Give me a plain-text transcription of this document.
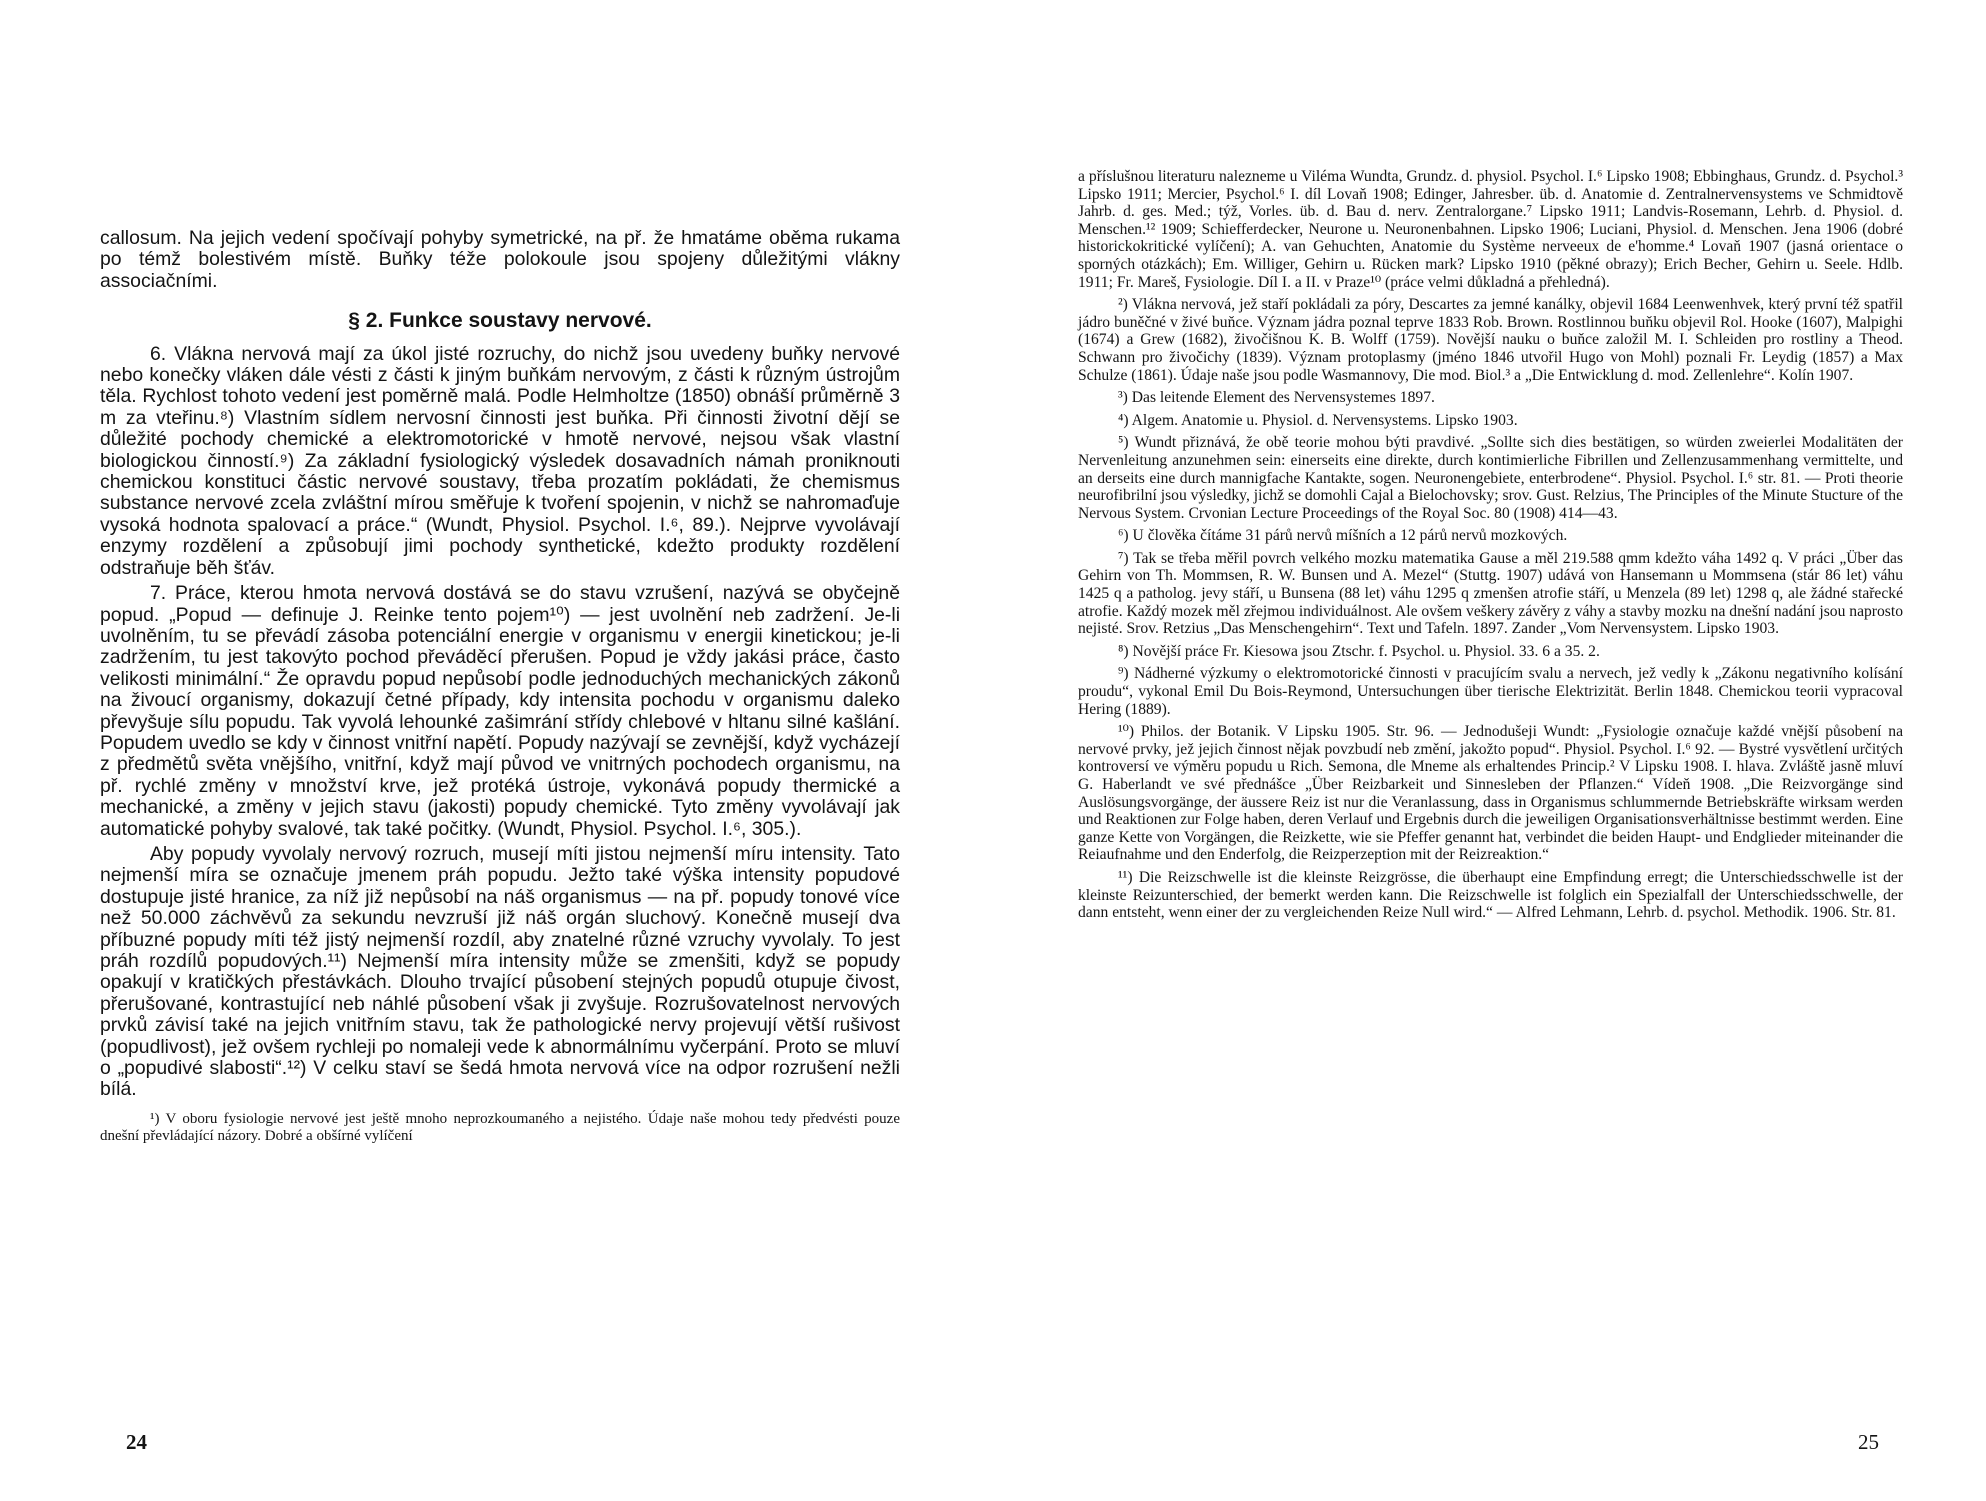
callosum. Na jejich vedení spočívají pohyby symetrické, na př. že hmatáme oběma rukama po témž bolestivém místě. Buňky téže polokoule jsou spojeny důležitými vlákny associačními.

§ 2. Funkce soustavy nervové.

6. Vlákna nervová mají za úkol jisté rozruchy, do nichž jsou uvedeny buňky nervové nebo konečky vláken dále vésti z části k jiným buňkám nervovým, z části k různým ústrojům těla. Rychlost tohoto vedení jest poměrně malá. Podle Helmholtze (1850) obnáší průměrně 3 m za vteřinu.⁸) Vlastním sídlem nervosní činnosti jest buňka. Při činnosti životní dějí se důležité pochody chemické a elektromotorické v hmotě nervové, nejsou však vlastní biologickou činností.⁹) Za základní fysiologický výsledek dosavadních námah proniknouti chemickou konstituci částic nervové soustavy, třeba prozatím pokládati, že chemismus substance nervové zcela zvláštní mírou směřuje k tvoření spojenin, v nichž se nahromaďuje vysoká hodnota spalovací a práce.“ (Wundt, Physiol. Psychol. I.⁶, 89.). Nejprve vyvolávají enzymy rozdělení a způsobují jimi pochody synthetické, kdežto produkty rozdělení odstraňuje běh šťáv.

7. Práce, kterou hmota nervová dostává se do stavu vzrušení, nazývá se obyčejně popud. „Popud — definuje J. Reinke tento pojem¹⁰) — jest uvolnění neb zadržení. Je-li uvolněním, tu se převádí zásoba potenciální energie v organismu v energii kinetickou; je-li zadržením, tu jest takovýto pochod převáděcí přerušen. Popud je vždy jakási práce, často velikosti minimální.“ Že opravdu popud nepůsobí podle jednoduchých mechanických zákonů na živoucí organismy, dokazují četné případy, kdy intensita pochodu v organismu daleko převyšuje sílu popudu. Tak vyvolá lehounké zašimrání střídy chlebové v hltanu silné kašlání. Popudem uvedlo se kdy v činnost vnitřní napětí. Popudy nazývají se zevnější, když vycházejí z předmětů světa vnějšího, vnitřní, když mají původ ve vnitrných pochodech organismu, na př. rychlé změny v množství krve, jež protéká ústroje, vykonává popudy thermické a mechanické, a změny v jejich stavu (jakosti) popudy chemické. Tyto změny vyvolávají jak automatické pohyby svalové, tak také počitky. (Wundt, Physiol. Psychol. I.⁶, 305.).

Aby popudy vyvolaly nervový rozruch, musejí míti jistou nejmenší míru intensity. Tato nejmenší míra se označuje jmenem práh popudu. Ježto také výška intensity popudové dostupuje jisté hranice, za níž již nepůsobí na náš organismus — na př. popudy tonové více než 50.000 záchvěvů za sekundu nevzruší již náš orgán sluchový. Konečně musejí dva příbuzné popudy míti též jistý nejmenší rozdíl, aby znatelné různé vzruchy vyvolaly. To jest práh rozdílů popudových.¹¹) Nejmenší míra intensity může se zmenšiti, když se popudy opakují v kratičkých přestávkách. Dlouho trvající působení stejných popudů otupuje čivost, přerušované, kontrastující neb náhlé působení však ji zvyšuje. Rozrušovatelnost nervových prvků závisí také na jejich vnitřním stavu, tak že pathologické nervy projevují větší rušivost (popudlivost), jež ovšem rychleji po nomaleji vede k abnormálnímu vyčerpání. Proto se mluví o „popudivé slabosti“.¹²) V celku staví se šedá hmota nervová více na odpor rozrušení nežli bílá.

¹) V oboru fysiologie nervové jest ještě mnoho neprozkoumaného a nejistého. Údaje naše mohou tedy předvésti pouze dnešní převládající názory. Dobré a obšírné vylíčení

24

a příslušnou literaturu nalezneme u Viléma Wundta, Grundz. d. physiol. Psychol. I.⁶ Lipsko 1908; Ebbinghaus, Grundz. d. Psychol.³ Lipsko 1911; Mercier, Psychol.⁶ I. díl Lovaň 1908; Edinger, Jahresber. üb. d. Anatomie d. Zentralnervensystems ve Schmidtově Jahrb. d. ges. Med.; týž, Vorles. üb. d. Bau d. nerv. Zentralorgane.⁷ Lipsko 1911; Landvis-Rosemann, Lehrb. d. Physiol. d. Menschen.¹² 1909; Schiefferdecker, Neurone u. Neuronenbahnen. Lipsko 1906; Luciani, Physiol. d. Menschen. Jena 1906 (dobré historickokritické vylíčení); A. van Gehuchten, Anatomie du Système nerveeux de e'homme.⁴ Lovaň 1907 (jasná orientace o sporných otázkách); Em. Williger, Gehirn u. Rücken mark? Lipsko 1910 (pěkné obrazy); Erich Becher, Gehirn u. Seele. Hdlb. 1911; Fr. Mareš, Fysiologie. Díl I. a II. v Praze¹⁰ (práce velmi důkladná a přehledná).

²) Vlákna nervová, jež staří pokládali za póry, Descartes za jemné kanálky, objevil 1684 Leenwenhvek, který první též spatřil jádro buněčné v živé buňce. Význam jádra poznal teprve 1833 Rob. Brown. Rostlinnou buňku objevil Rol. Hooke (1607), Malpighi (1674) a Grew (1682), živočišnou K. B. Wolff (1759). Novější nauku o buňce založil M. I. Schleiden pro rostliny a Theod. Schwann pro živočichy (1839). Význam protoplasmy (jméno 1846 utvořil Hugo von Mohl) poznali Fr. Leydig (1857) a Max Schulze (1861). Údaje naše jsou podle Wasmannovy, Die mod. Biol.³ a „Die Entwicklung d. mod. Zellenlehre“. Kolín 1907.

³) Das leitende Element des Nervensystemes 1897.

⁴) Algem. Anatomie u. Physiol. d. Nervensystems. Lipsko 1903.

⁵) Wundt přiznává, že obě teorie mohou býti pravdivé. „Sollte sich dies bestätigen, so würden zweierlei Modalitäten der Nervenleitung anzunehmen sein: einerseits eine direkte, durch kontimierliche Fibrillen und Zellenzusammenhang vermittelte, und an derseits eine durch mannigfache Kantakte, sogen. Neuronengebiete, enterbrodene“. Physiol. Psychol. I.⁶ str. 81. — Proti theorie neurofibrilní jsou výsledky, jichž se domohli Cajal a Bielochovsky; srov. Gust. Relzius, The Principles of the Minute Stucture of the Nervous System. Crvonian Lecture Proceedings of the Royal Soc. 80 (1908) 414—43.

⁶) U člověka čítáme 31 párů nervů míšních a 12 párů nervů mozkových.

⁷) Tak se třeba měřil povrch velkého mozku matematika Gause a měl 219.588 qmm kdežto váha 1492 q. V práci „Über das Gehirn von Th. Mommsen, R. W. Bunsen und A. Mezel“ (Stuttg. 1907) udává von Hansemann u Mommsena (stár 86 let) váhu 1425 q a patholog. jevy stáří, u Bunsena (88 let) váhu 1295 q zmenšen atrofie stáří, u Menzela (89 let) 1298 q, ale žádné stařecké atrofie. Každý mozek měl zřejmou individuálnost. Ale ovšem veškery závěry z váhy a stavby mozku na dnešní nadání jsou naprosto nejisté. Srov. Retzius „Das Menschengehirn“. Text und Tafeln. 1897. Zander „Vom Nervensystem. Lipsko 1903.

⁸) Novější práce Fr. Kiesowa jsou Ztschr. f. Psychol. u. Physiol. 33. 6 a 35. 2.

⁹) Nádherné výzkumy o elektromotorické činnosti v pracujícím svalu a nervech, jež vedly k „Zákonu negativního kolísání proudu“, vykonal Emil Du Bois-Reymond, Untersuchungen über tierische Elektrizität. Berlin 1848. Chemickou teorii vypracoval Hering (1889).

¹⁰) Philos. der Botanik. V Lipsku 1905. Str. 96. — Jednodušeji Wundt: „Fysiologie označuje každé vnější působení na nervové prvky, jež jejich činnost nějak povzbudí neb změní, jakožto popud“. Physiol. Psychol. I.⁶ 92. — Bystré vysvětlení určitých kontroversí ve výměru popudu u Rich. Semona, dle Mneme als erhaltendes Princip.² V Lipsku 1908. I. hlava. Zvláště jasně mluví G. Haberlandt ve své přednášce „Über Reizbarkeit und Sinnesleben der Pflanzen.“ Vídeň 1908. „Die Reizvorgänge sind Auslösungsvorgänge, der äussere Reiz ist nur die Veranlassung, dass in Organismus schlummernde Betriebskräfte wirksam werden und Reaktionen zur Folge haben, deren Verlauf und Ergebnis durch die jeweiligen Organisationsverhältnisse bestimmt werden. Eine ganze Kette von Vorgängen, die Reizkette, wie sie Pfeffer genannt hat, verbindet die beiden Haupt- und Endglieder miteinander die Reiaufnahme und den Enderfolg, die Reizperzeption mit der Reizreaktion.“

¹¹) Die Reizschwelle ist die kleinste Reizgrösse, die überhaupt eine Empfindung erregt; die Unterschiedsschwelle ist der kleinste Reizunterschied, der bemerkt werden kann. Die Reizschwelle ist folglich ein Spezialfall der Unterschiedsschwelle, der dann entsteht, wenn einer der zu vergleichenden Reize Null wird.“ — Alfred Lehmann, Lehrb. d. psychol. Methodik. 1906. Str. 81.

25
